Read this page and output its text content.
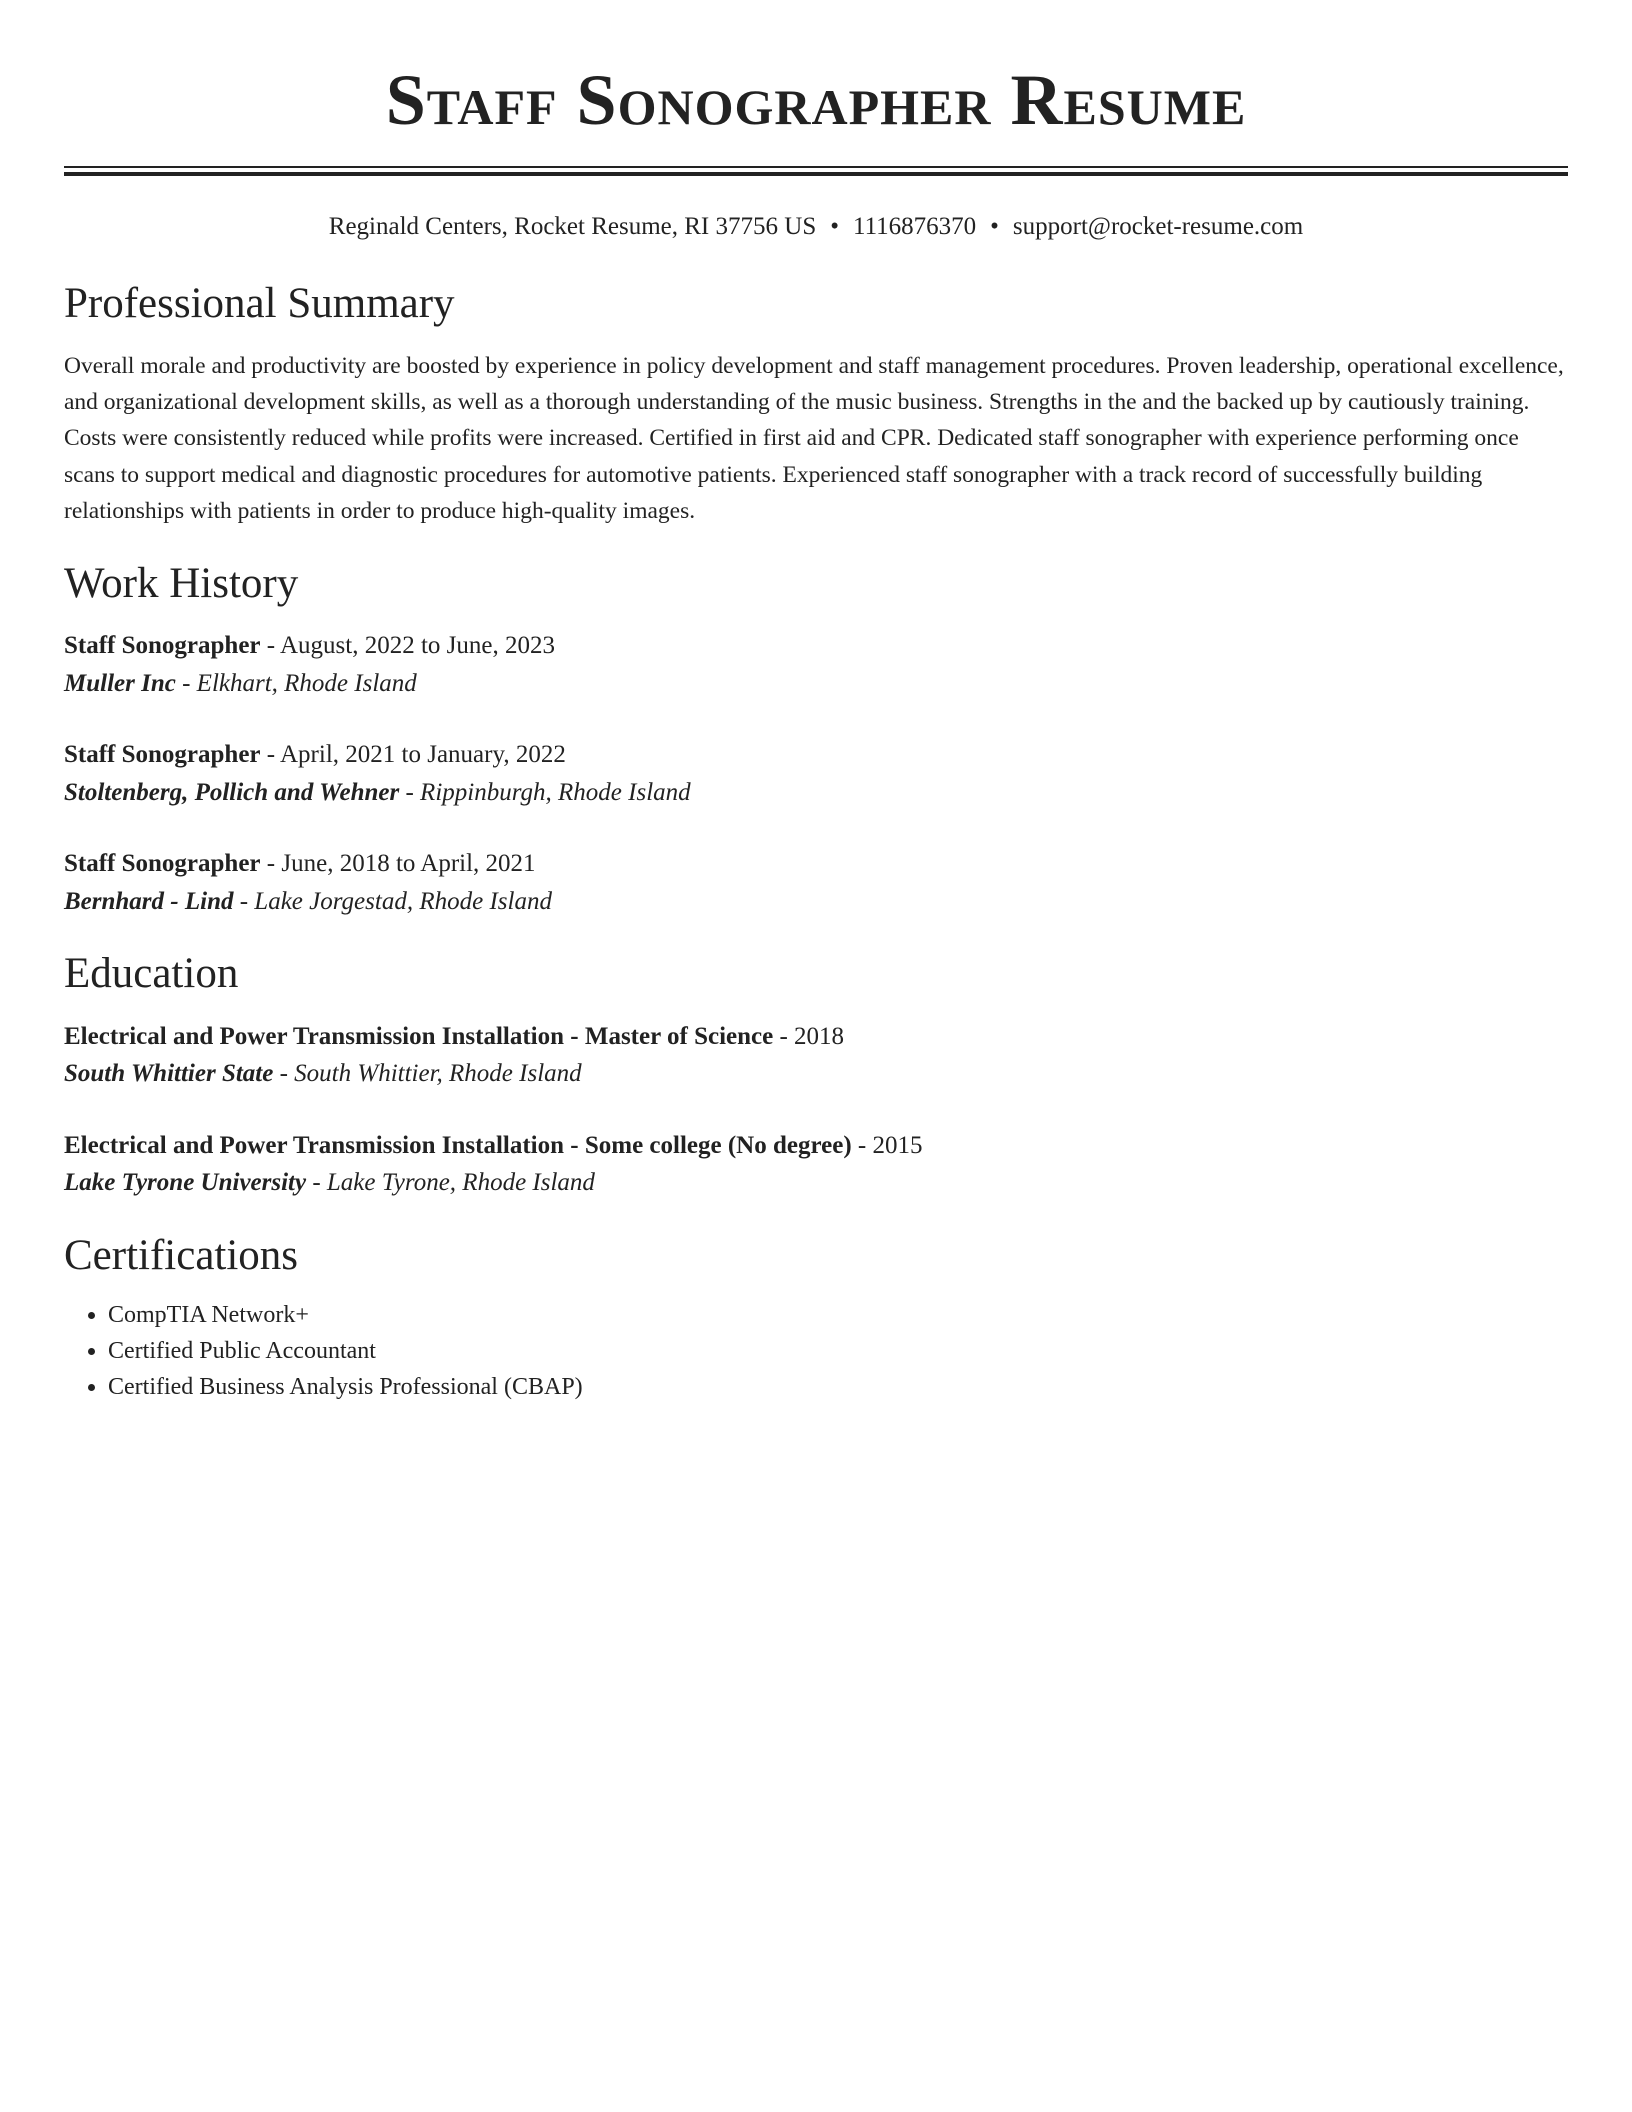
Staff Sonographer Resume
Reginald Centers, Rocket Resume, RI 37756 US • 1116876370 • support@rocket-resume.com
Professional Summary

Overall morale and productivity are boosted by experience in policy development and staff management procedures. Proven leadership, operational excellence, and organizational development skills, as well as a thorough understanding of the music business. Strengths in the and the backed up by cautiously training. Costs were consistently reduced while profits were increased. Certified in first aid and CPR. Dedicated staff sonographer with experience performing once scans to support medical and diagnostic procedures for automotive patients. Experienced staff sonographer with a track record of successfully building relationships with patients in order to produce high-quality images.

Work History
Staff Sonographer - August, 2022 to June, 2023
Muller Inc - Elkhart, Rhode Island
Staff Sonographer - April, 2021 to January, 2022
Stoltenberg, Pollich and Wehner - Rippinburgh, Rhode Island
Staff Sonographer - June, 2018 to April, 2021
Bernhard - Lind - Lake Jorgestad, Rhode Island
Education
Electrical and Power Transmission Installation - Master of Science - 2018
South Whittier State - South Whittier, Rhode Island
Electrical and Power Transmission Installation - Some college (No degree) - 2015
Lake Tyrone University - Lake Tyrone, Rhode Island
Certifications
• CompTIA Network+
• Certified Public Accountant
• Certified Business Analysis Professional (CBAP)
